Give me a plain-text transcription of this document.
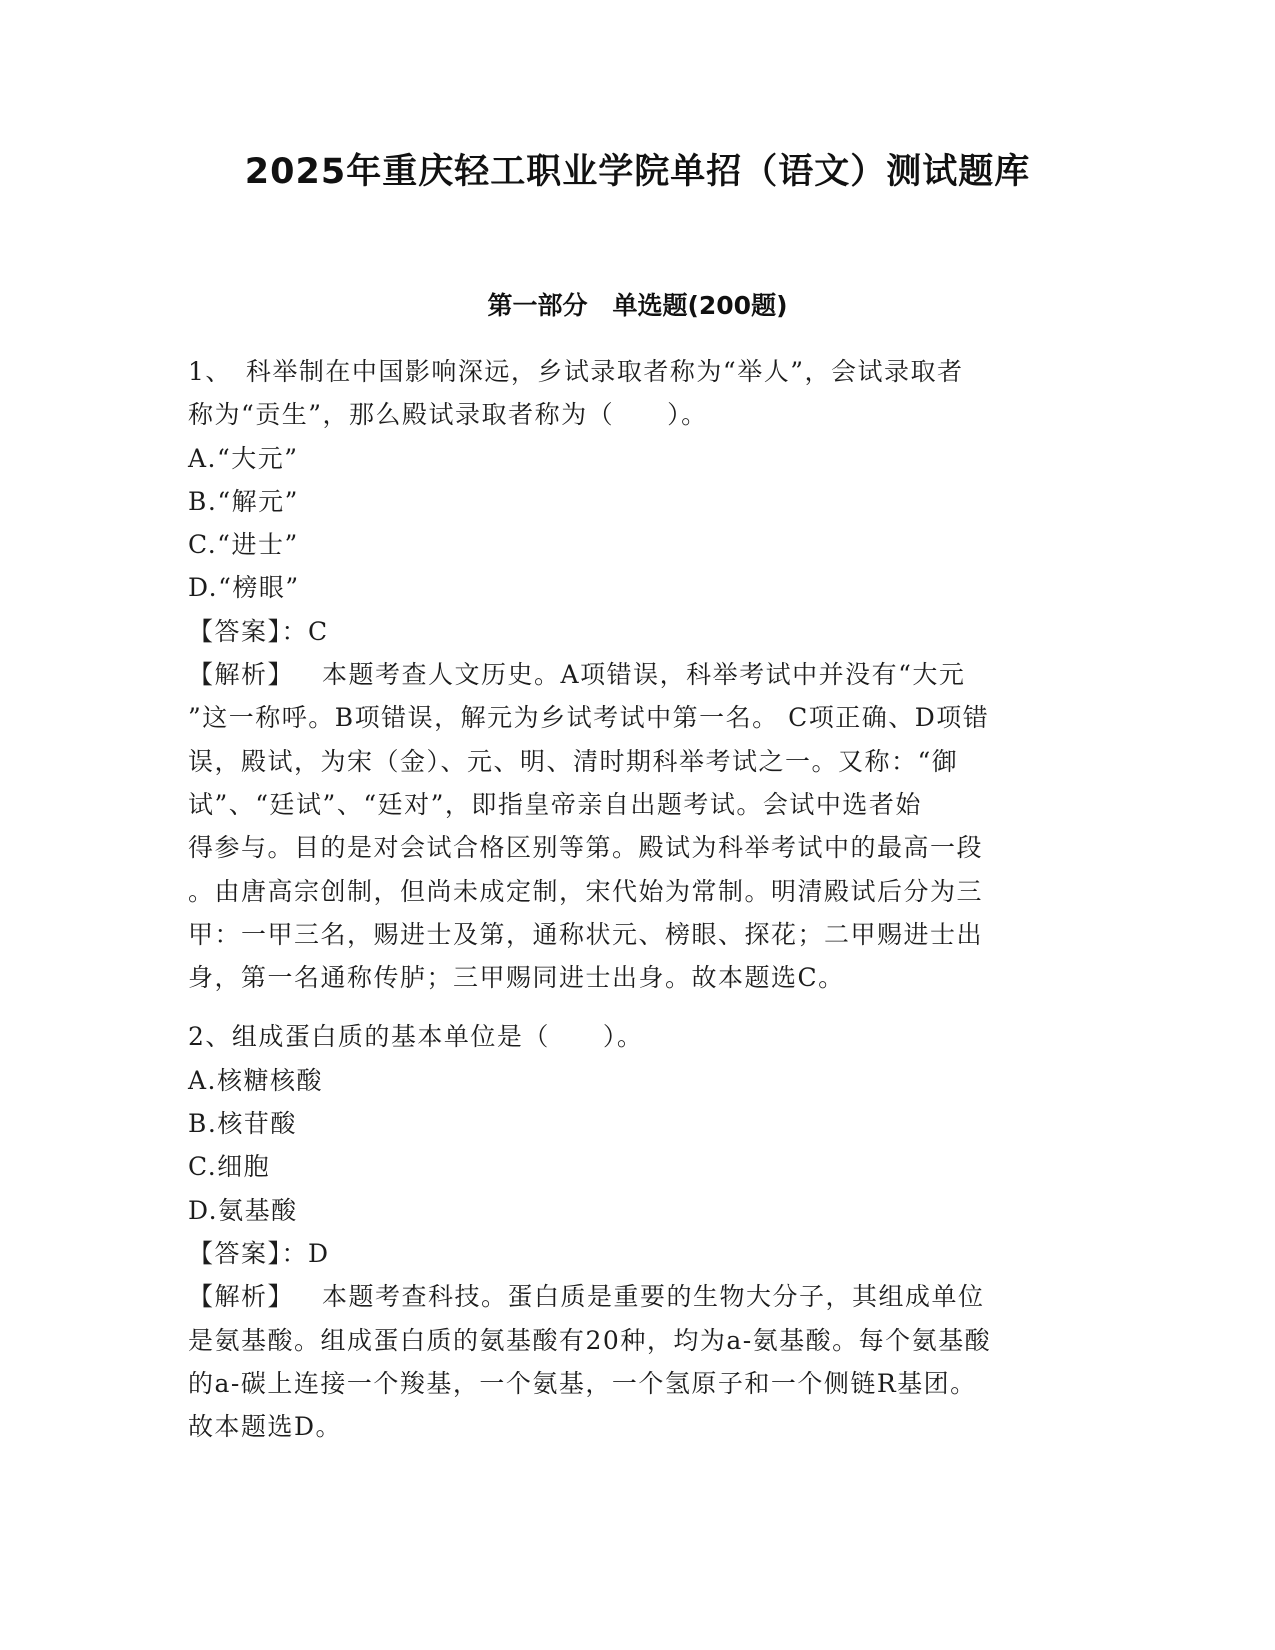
2025年重庆轻工职业学院单招（语文）测试题库
第一部分　单选题(200题)
1、　科举制在中国影响深远，乡试录取者称为“举人”，会试录取者
称为“贡生”，那么殿试录取者称为（　　）。
A.“大元”
B.“解元”
C.“进士”
D.“榜眼”
【答案】：C
【解析】 本题考查人文历史。A项错误，科举考试中并没有“大元
”这一称呼。B项错误，解元为乡试考试中第一名。 C项正确、D项错
误，殿试，为宋（金）、元、明、清时期科举考试之一。又称：“御
试”、“廷试”、“廷对”，即指皇帝亲自出题考试。会试中选者始
得参与。目的是对会试合格区别等第。殿试为科举考试中的最高一段
。由唐高宗创制，但尚未成定制，宋代始为常制。明清殿试后分为三
甲：一甲三名，赐进士及第，通称状元、榜眼、探花；二甲赐进士出
身，第一名通称传胪；三甲赐同进士出身。故本题选C。
2、组成蛋白质的基本单位是（　　）。
A.核糖核酸
B.核苷酸
C.细胞
D.氨基酸
【答案】：D
【解析】 本题考查科技。蛋白质是重要的生物大分子，其组成单位
是氨基酸。组成蛋白质的氨基酸有20种，均为a-氨基酸。每个氨基酸
的a-碳上连接一个羧基，一个氨基，一个氢原子和一个侧链R基团。
故本题选D。
